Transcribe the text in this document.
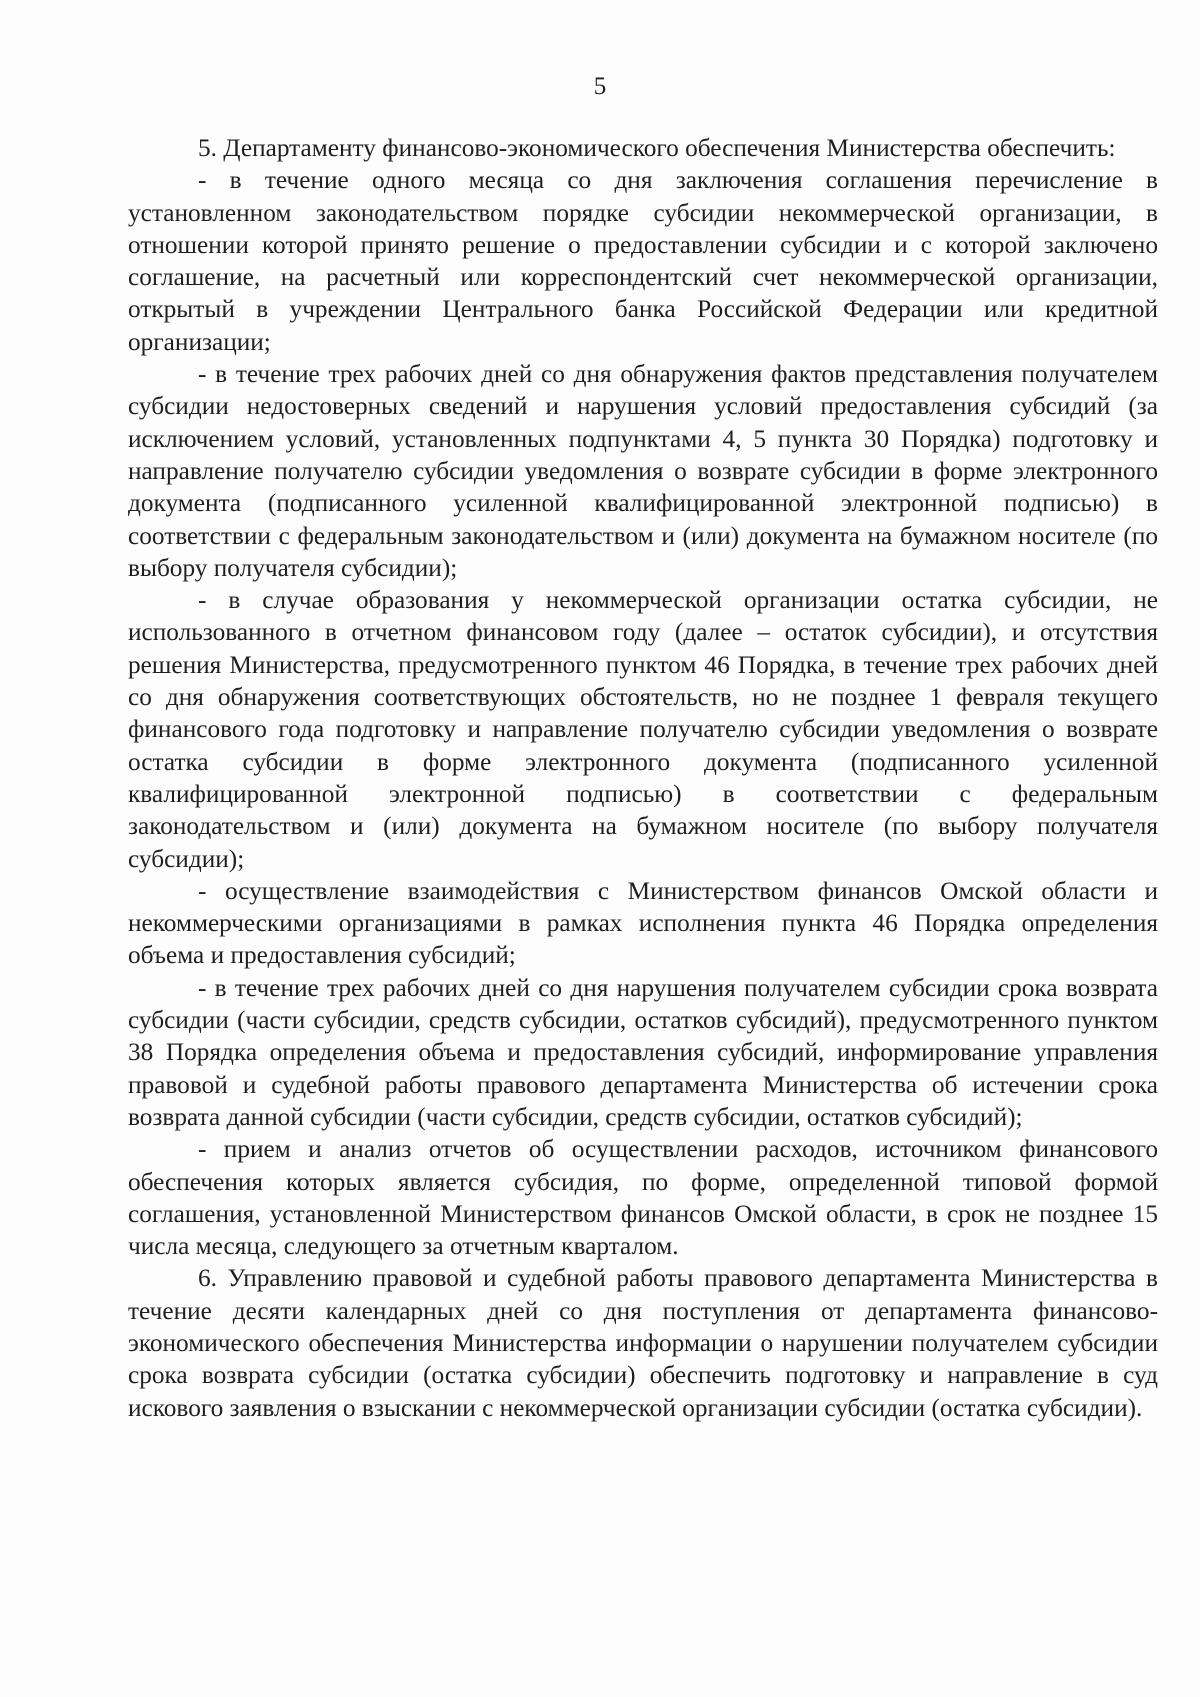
5

5. Департаменту финансово-экономического обеспечения Министерства обеспечить:

- в течение одного месяца со дня заключения соглашения перечисление в установленном законодательством порядке субсидии некоммерческой организации, в отношении которой принято решение о предоставлении субсидии и с которой заключено соглашение, на расчетный или корреспондентский счет некоммерческой организации, открытый в учреждении Центрального банка Российской Федерации или кредитной организации;

- в течение трех рабочих дней со дня обнаружения фактов представления получателем субсидии недостоверных сведений и нарушения условий предоставления субсидий (за исключением условий, установленных подпунктами 4, 5 пункта 30 Порядка) подготовку и направление получателю субсидии уведомления о возврате субсидии в форме электронного документа (подписанного усиленной квалифицированной электронной подписью) в соответствии с федеральным законодательством и (или) документа на бумажном носителе (по выбору получателя субсидии);

- в случае образования у некоммерческой организации остатка субсидии, не использованного в отчетном финансовом году (далее – остаток субсидии), и отсутствия решения Министерства, предусмотренного пунктом 46 Порядка, в течение трех рабочих дней со дня обнаружения соответствующих обстоятельств, но не позднее 1 февраля текущего финансового года подготовку и направление получателю субсидии уведомления о возврате остатка субсидии в форме электронного документа (подписанного усиленной квалифицированной электронной подписью) в соответствии с федеральным законодательством и (или) документа на бумажном носителе (по выбору получателя субсидии);

- осуществление взаимодействия с Министерством финансов Омской области и некоммерческими организациями в рамках исполнения пункта 46 Порядка определения объема и предоставления субсидий;

- в течение трех рабочих дней со дня нарушения получателем субсидии срока возврата субсидии (части субсидии, средств субсидии, остатков субсидий), предусмотренного пунктом 38 Порядка определения объема и предоставления субсидий, информирование управления правовой и судебной работы правового департамента Министерства об истечении срока возврата данной субсидии (части субсидии, средств субсидии, остатков субсидий);

- прием и анализ отчетов об осуществлении расходов, источником финансового обеспечения которых является субсидия, по форме, определенной типовой формой соглашения, установленной Министерством финансов Омской области, в срок не позднее 15 числа месяца, следующего за отчетным кварталом.

6. Управлению правовой и судебной работы правового департамента Министерства в течение десяти календарных дней со дня поступления от департамента финансово-экономического обеспечения Министерства информации о нарушении получателем субсидии срока возврата субсидии (остатка субсидии) обеспечить подготовку и направление в суд искового заявления о взыскании с некоммерческой организации субсидии (остатка субсидии).
